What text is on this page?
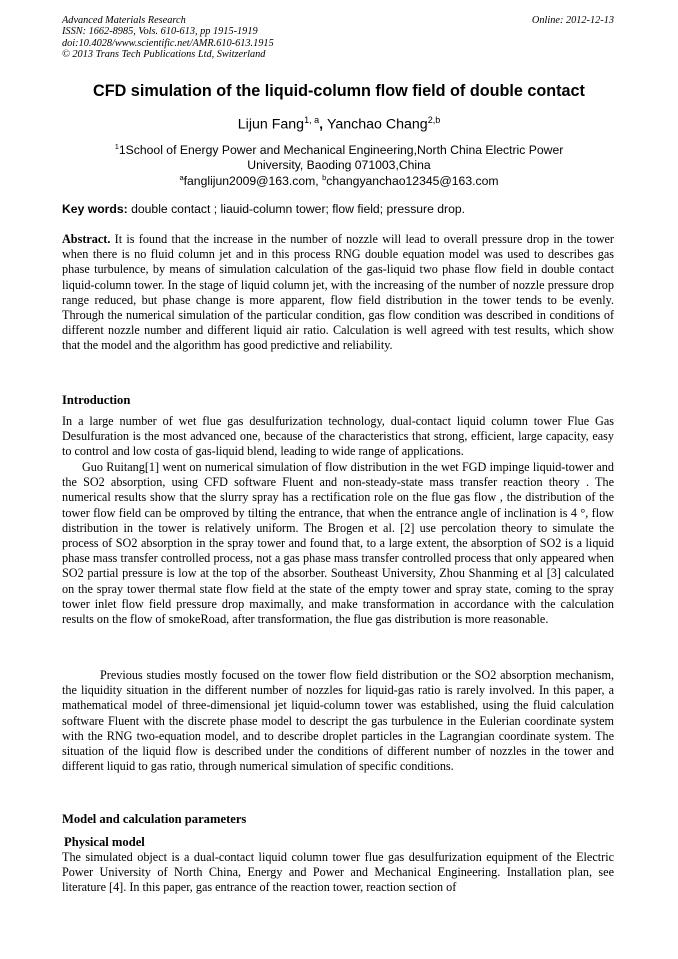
Advanced Materials Research
ISSN: 1662-8985, Vols. 610-613, pp 1915-1919
doi:10.4028/www.scientific.net/AMR.610-613.1915
© 2013 Trans Tech Publications Ltd, Switzerland
Online: 2012-12-13
CFD simulation of the liquid-column flow field of double contact
Lijun Fang$^{1, a}$, Yanchao Chang$^{2,b}$
$^1$1School of Energy Power and Mechanical Engineering,North China Electric Power University, Baoding 071003,China
$^a$fanglijun2009@163.com, $^b$changyanchao12345@163.com
Key words: double contact ; liauid-column tower; flow field; pressure drop.

Abstract. It is found that the increase in the number of nozzle will lead to overall pressure drop in the tower when there is no fluid column jet and in this process RNG double equation model was used to describes gas phase turbulence, by means of simulation calculation of the gas-liquid two phase flow field in double contact liquid-column tower. In the stage of liquid column jet, with the increasing of the number of nozzle pressure drop range reduced, but phase change is more apparent, flow field distribution in the tower tends to be evenly. Through the numerical simulation of the particular condition, gas flow condition was described in conditions of different nozzle number and different liquid air ratio. Calculation is well agreed with test results, which show that the model and the algorithm has good predictive and reliability.

Introduction

In a large number of wet flue gas desulfurization technology, dual-contact liquid column tower Flue Gas Desulfuration is the most advanced one, because of the characteristics that strong, efficient, large capacity, easy to control and low costa of gas-liquid blend, leading to wide range of applications.

Guo Ruitang[1] went on numerical simulation of flow distribution in the wet FGD impinge liquid-tower and the SO2 absorption, using CFD software Fluent and non-steady-state mass transfer reaction theory . The numerical results show that the slurry spray has a rectification role on the flue gas flow , the distribution of the tower flow field can be omproved by tilting the entrance, that when the entrance angle of inclination is 4 °, flow distribution in the tower is relatively uniform. The Brogen et al. [2] use percolation theory to simulate the process of SO2 absorption in the spray tower and found that, to a large extent, the absorption of SO2 is a liquid phase mass transfer controlled process, not a gas phase mass transfer controlled process that only appeared when SO2 partial pressure is low at the top of the absorber. Southeast University, Zhou Shanming et al [3] calculated on the spray tower thermal state flow field at the state of the empty tower and spray state, coming to the spray tower inlet flow field pressure drop maximally, and make transformation in accordance with the calculation results on the flow of smokeRoad, after transformation, the flue gas distribution is more reasonable.

Previous studies mostly focused on the tower flow field distribution or the SO2 absorption mechanism, the liquidity situation in the different number of nozzles for liquid-gas ratio is rarely involved. In this paper, a mathematical model of three-dimensional jet liquid-column tower was established, using the fluid calculation software Fluent with the discrete phase model to descript the gas turbulence in the Eulerian coordinate system with the RNG two-equation model, and to describe droplet particles in the Lagrangian coordinate system. The situation of the liquid flow is described under the conditions of different number of nozzles in the tower and different liquid to gas ratio, through numerical simulation of specific conditions.

Model and calculation parameters
Physical model

The simulated object is a dual-contact liquid column tower flue gas desulfurization equipment of the Electric Power University of North China, Energy and Power and Mechanical Engineering. Installation plan, see literature [4]. In this paper, gas entrance of the reaction tower, reaction section of
